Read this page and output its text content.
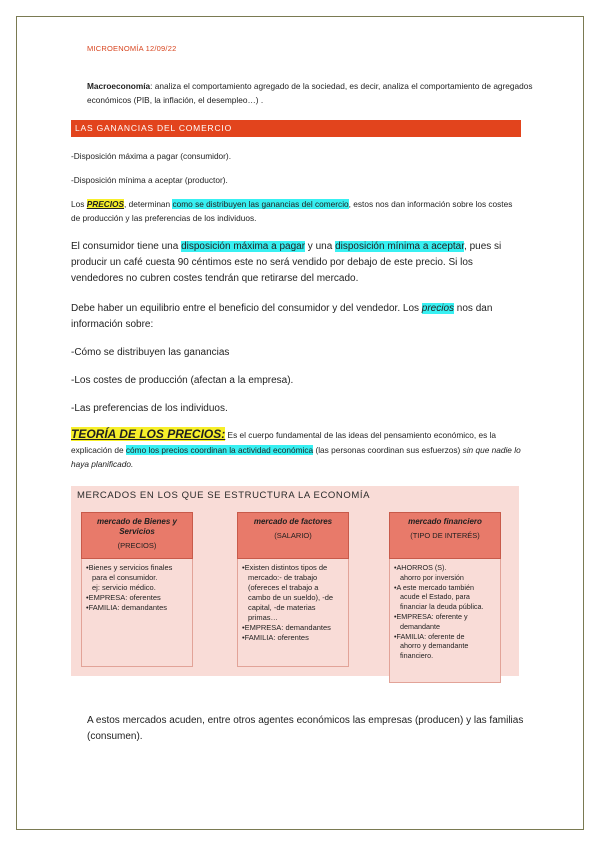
MICROENOMÍA 12/09/22

Macroeconomía: analiza el comportamiento agregado de la sociedad, es decir, analiza el comportamiento de agregados económicos (PIB, la inflación, el desempleo…) .

LAS GANANCIAS DEL COMERCIO

-Disposición máxima a pagar (consumidor).

-Disposición mínima a aceptar (productor).

Los PRECIOS, determinan como se distribuyen las ganancias del comercio, estos nos dan información sobre los costes de producción y las preferencias de los individuos.

El consumidor tiene una disposición máxima a pagar y una disposición mínima a aceptar, pues si producir un café cuesta 90 céntimos este no será vendido por debajo de este precio. Si los vendedores no cubren costes tendrán que retirarse del mercado.

Debe haber un equilibrio entre el beneficio del consumidor y del vendedor. Los precios nos dan información sobre:

-Cómo se distribuyen las ganancias

-Los costes de producción (afectan a la empresa).

-Las preferencias de los individuos.

TEORÍA DE LOS PRECIOS: Es el cuerpo fundamental de las ideas del pensamiento económico, es la explicación de cómo los precios coordinan la actividad económica (las personas coordinan sus esfuerzos) sin que nadie lo haya planificado.

MERCADOS EN LOS QUE SE ESTRUCTURA LA ECONOMÍA
mercado de Bienes y Servicios
(PRECIOS)
•Bienes y servicios finales
para el consumidor.
ej: servicio médico.
•EMPRESA: oferentes
•FAMILIA: demandantes
mercado de factores
(SALARIO)
•Existen distintos tipos de
mercado:- de trabajo
(ofereces el trabajo a
cambo de un sueldo), -de
capital, -de materias
primas…
•EMPRESA: demandantes
•FAMILIA: oferentes
mercado financiero
(TIPO DE INTERÉS)
•AHORROS (S).
ahorro por inversión
•A este mercado también
acude el Estado, para
financiar la deuda pública.
•EMPRESA: oferente y
demandante
•FAMILIA: oferente de
ahorro y demandante
financiero.

A estos mercados acuden, entre otros agentes económicos las empresas (producen) y las familias (consumen).
